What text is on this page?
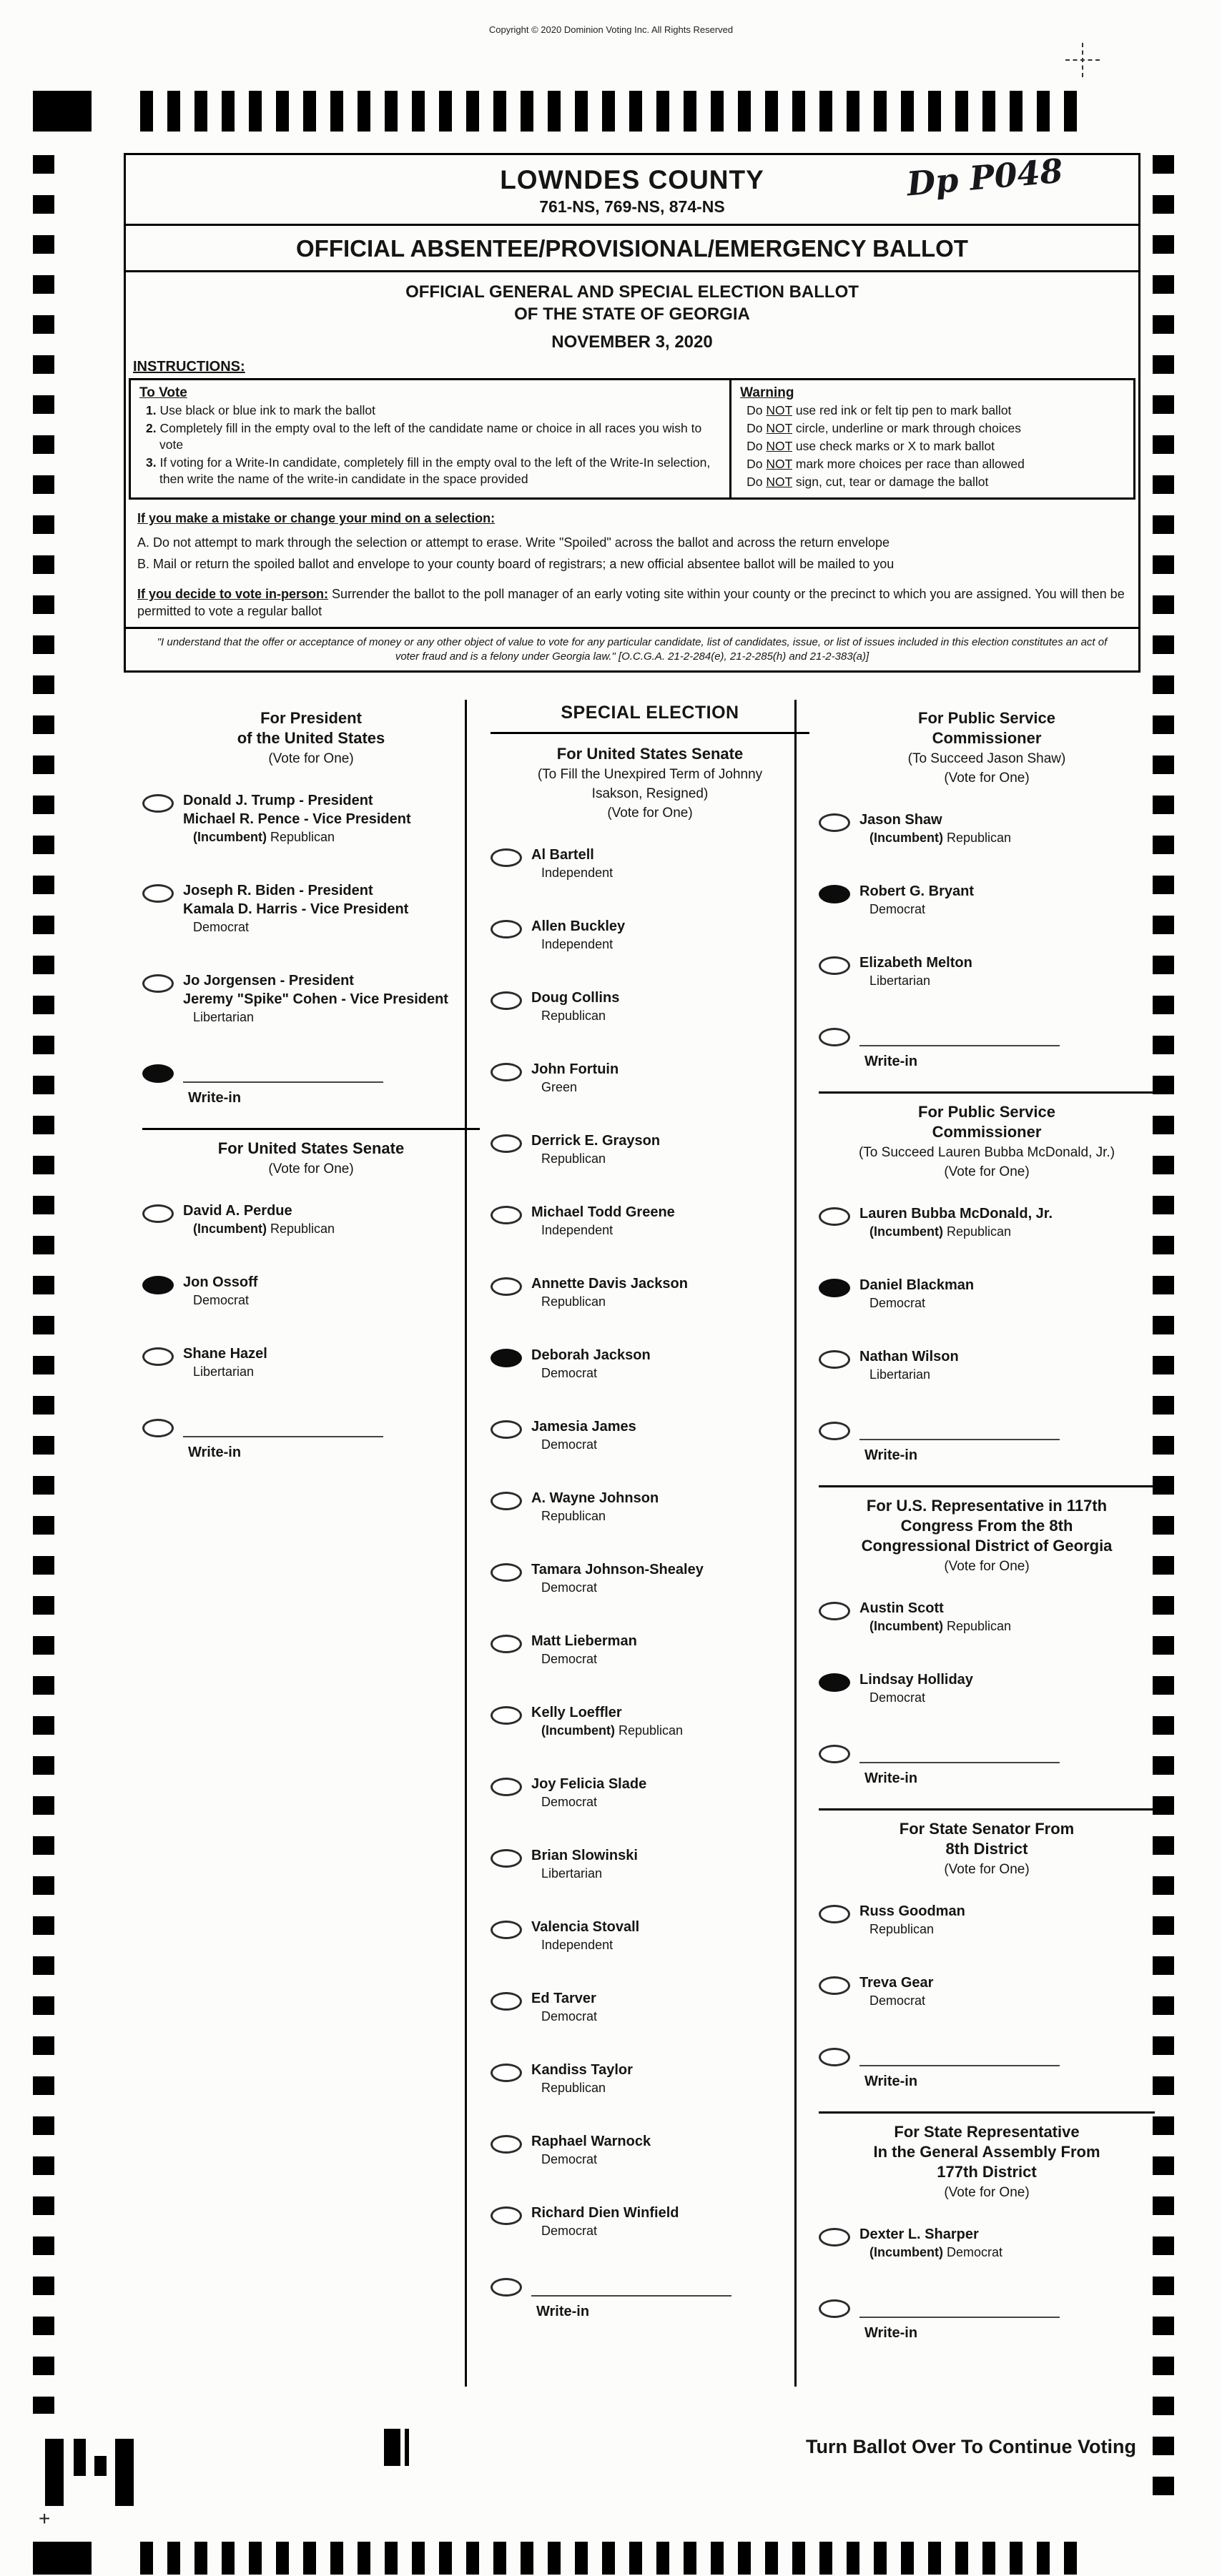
Copyright © 2020 Dominion Voting Inc. All Rights Reserved
LOWNDES COUNTY
761-NS, 769-NS, 874-NS
Dp P048
OFFICIAL ABSENTEE/PROVISIONAL/EMERGENCY BALLOT
OFFICIAL GENERAL AND SPECIAL ELECTION BALLOT
OF THE STATE OF GEORGIA
NOVEMBER 3, 2020
INSTRUCTIONS:
To Vote
1. Use black or blue ink to mark the ballot
2. Completely fill in the empty oval to the left of the candidate name or choice in all races you wish to vote
3. If voting for a Write-In candidate, completely fill in the empty oval to the left of the Write-In selection, then write the name of the write-in candidate in the space provided
Warning
Do NOT use red ink or felt tip pen to mark ballot
Do NOT circle, underline or mark through choices
Do NOT use check marks or X to mark ballot
Do NOT mark more choices per race than allowed
Do NOT sign, cut, tear or damage the ballot
If you make a mistake or change your mind on a selection:
A. Do not attempt to mark through the selection or attempt to erase. Write "Spoiled" across the ballot and across the return envelope
B. Mail or return the spoiled ballot and envelope to your county board of registrars; a new official absentee ballot will be mailed to you
If you decide to vote in-person: Surrender the ballot to the poll manager of an early voting site within your county or the precinct to which you are assigned. You will then be permitted to vote a regular ballot
"I understand that the offer or acceptance of money or any other object of value to vote for any particular candidate, list of candidates, issue, or list of issues included in this election constitutes an act of voter fraud and is a felony under Georgia law." [O.C.G.A. 21-2-284(e), 21-2-285(h) and 21-2-383(a)]
For President
of the United States
(Vote for One)
Donald J. Trump - President
Michael R. Pence - Vice President
(Incumbent) Republican
Joseph R. Biden - President
Kamala D. Harris - Vice President
Democrat
Jo Jorgensen - President
Jeremy "Spike" Cohen - Vice President
Libertarian
Write-in
For United States Senate
(Vote for One)
David A. Perdue
(Incumbent) Republican
Jon Ossoff
Democrat
Shane Hazel
Libertarian
Write-in
SPECIAL ELECTION
For United States Senate
(To Fill the Unexpired Term of Johnny
Isakson, Resigned)
(Vote for One)
Al Bartell
Independent
Allen Buckley
Independent
Doug Collins
Republican
John Fortuin
Green
Derrick E. Grayson
Republican
Michael Todd Greene
Independent
Annette Davis Jackson
Republican
Deborah Jackson
Democrat
Jamesia James
Democrat
A. Wayne Johnson
Republican
Tamara Johnson-Shealey
Democrat
Matt Lieberman
Democrat
Kelly Loeffler
(Incumbent) Republican
Joy Felicia Slade
Democrat
Brian Slowinski
Libertarian
Valencia Stovall
Independent
Ed Tarver
Democrat
Kandiss Taylor
Republican
Raphael Warnock
Democrat
Richard Dien Winfield
Democrat
Write-in
For Public Service
Commissioner
(To Succeed Jason Shaw)
(Vote for One)
Jason Shaw
(Incumbent) Republican
Robert G. Bryant
Democrat
Elizabeth Melton
Libertarian
Write-in
For Public Service
Commissioner
(To Succeed Lauren Bubba McDonald, Jr.)
(Vote for One)
Lauren Bubba McDonald, Jr.
(Incumbent) Republican
Daniel Blackman
Democrat
Nathan Wilson
Libertarian
Write-in
For U.S. Representative in 117th
Congress From the 8th
Congressional District of Georgia
(Vote for One)
Austin Scott
(Incumbent) Republican
Lindsay Holliday
Democrat
Write-in
For State Senator From
8th District
(Vote for One)
Russ Goodman
Republican
Treva Gear
Democrat
Write-in
For State Representative
In the General Assembly From
177th District
(Vote for One)
Dexter L. Sharper
(Incumbent) Democrat
Write-in
+
Turn Ballot Over To Continue Voting
